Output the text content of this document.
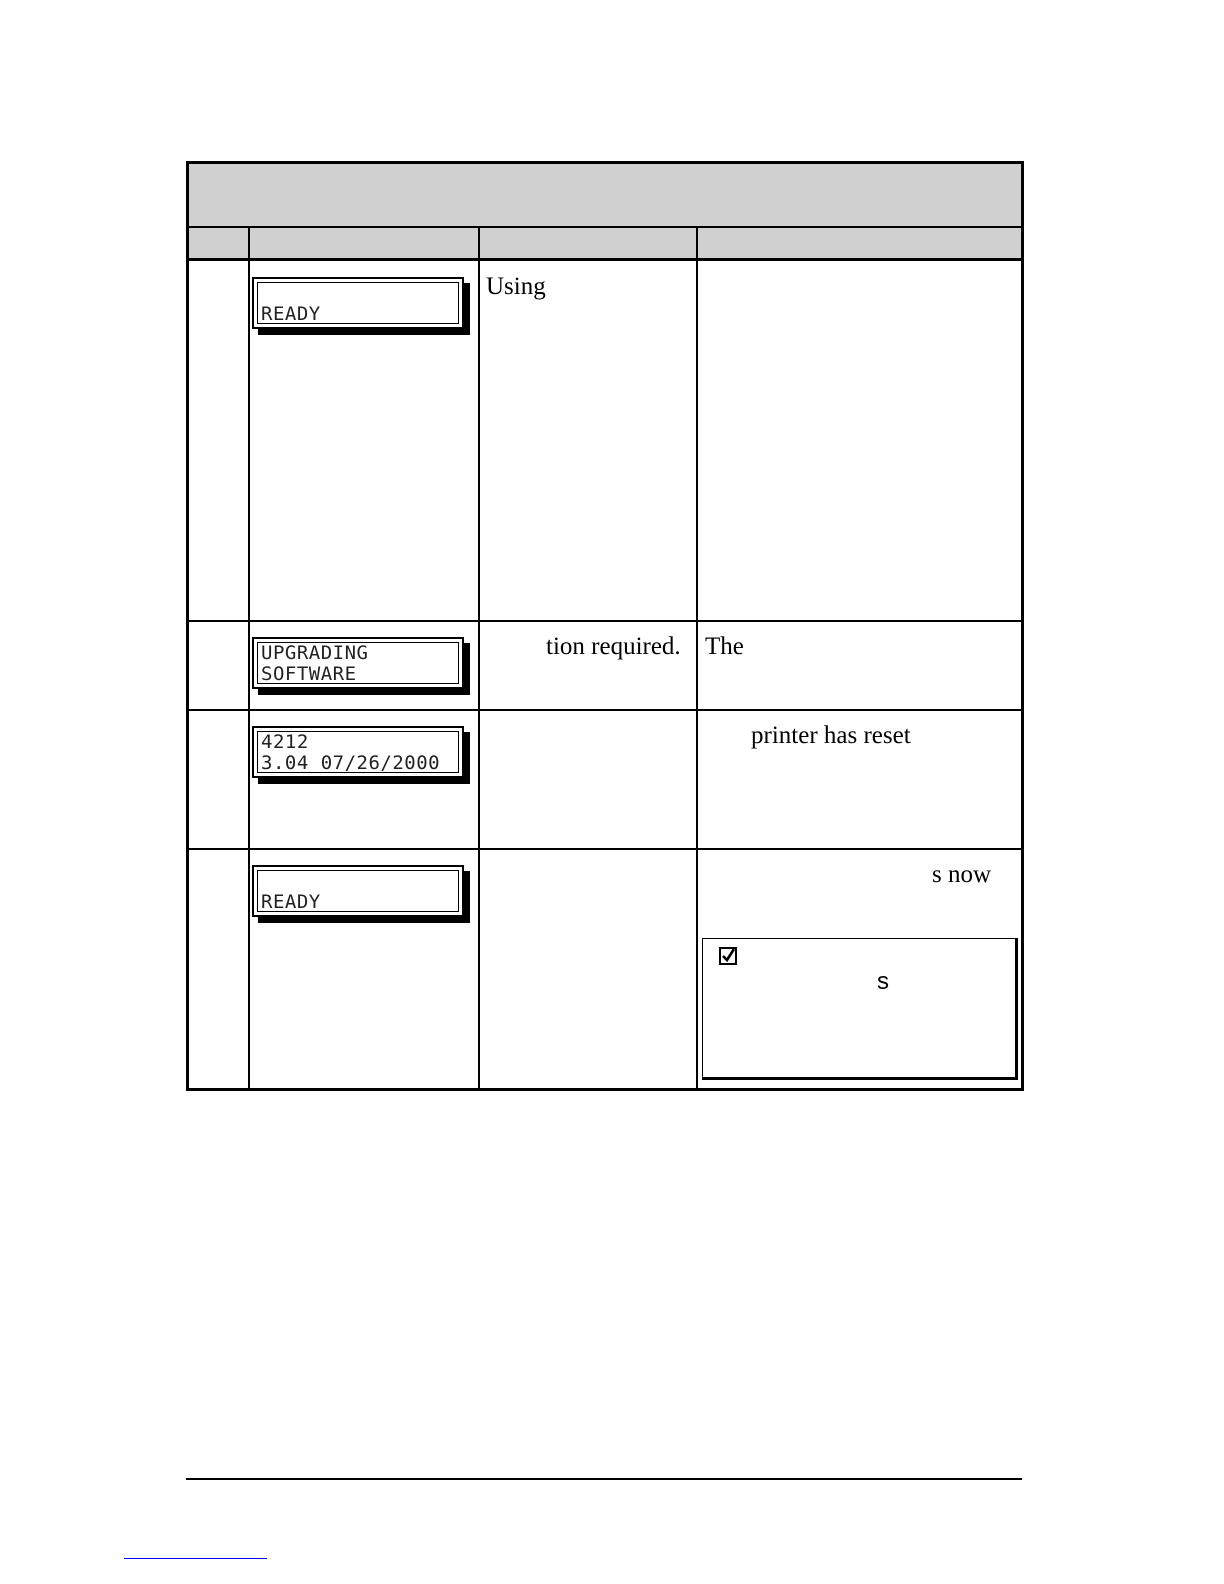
READY
Using
UPGRADING
SOFTWARE
tion required. The
4212
3.04 07/26/2000
printer has reset
READY
s now
s
